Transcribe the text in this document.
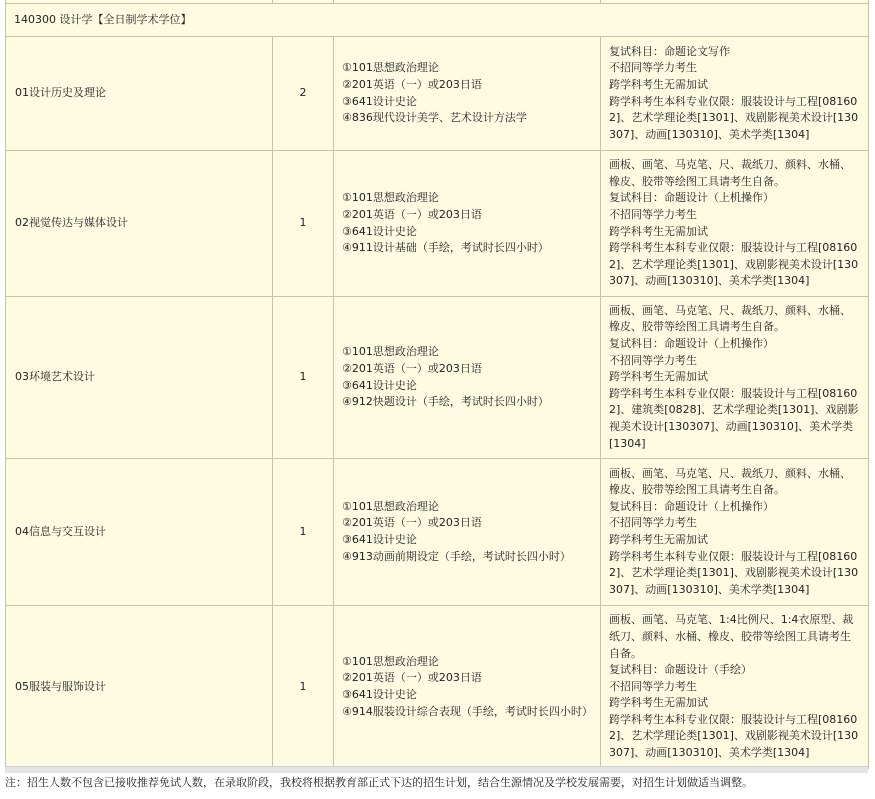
140300 设计学【全日制学术学位】			
01设计历史及理论	2	①101思想政治理论
②201英语（一）或203日语
③641设计史论
④836现代设计美学、艺术设计方法学	复试科目：命题论文写作
不招同等学力考生
跨学科考生无需加试
跨学科考生本科专业仅限：服装设计与工程[081602]、艺术学理论类[1301]、戏剧影视美术设计[130307]、动画[130310]、美术学类[1304]

02视觉传达与媒体设计	1	①101思想政治理论
②201英语（一）或203日语
③641设计史论
④911设计基础（手绘，考试时长四小时）	画板、画笔、马克笔、尺、裁纸刀、颜料、水桶、橡皮、胶带等绘图工具请考生自备。
复试科目：命题设计（上机操作）
不招同等学力考生
跨学科考生无需加试
跨学科考生本科专业仅限：服装设计与工程[081602]、艺术学理论类[1301]、戏剧影视美术设计[130307]、动画[130310]、美术学类[1304]

03环境艺术设计	1	①101思想政治理论
②201英语（一）或203日语
③641设计史论
④912快题设计（手绘，考试时长四小时）	画板、画笔、马克笔、尺、裁纸刀、颜料、水桶、橡皮、胶带等绘图工具请考生自备。
复试科目：命题设计（上机操作）
不招同等学力考生
跨学科考生无需加试
跨学科考生本科专业仅限：服装设计与工程[081602]、建筑类[0828]、艺术学理论类[1301]、戏剧影视美术设计[130307]、动画[130310]、美术学类[1304]

04信息与交互设计	1	①101思想政治理论
②201英语（一）或203日语
③641设计史论
④913动画前期设定（手绘，考试时长四小时）	画板、画笔、马克笔、尺、裁纸刀、颜料、水桶、橡皮、胶带等绘图工具请考生自备。
复试科目：命题设计（上机操作）
不招同等学力考生
跨学科考生无需加试
跨学科考生本科专业仅限：服装设计与工程[081602]、艺术学理论类[1301]、戏剧影视美术设计[130307]、动画[130310]、美术学类[1304]

05服装与服饰设计	1	①101思想政治理论
②201英语（一）或203日语
③641设计史论
④914服装设计综合表现（手绘，考试时长四小时）	画板、画笔、马克笔、1:4比例尺、1:4衣原型、裁纸刀、颜料、水桶、橡皮、胶带等绘图工具请考生自备。
复试科目：命题设计（手绘）
不招同等学力考生
跨学科考生无需加试
跨学科考生本科专业仅限：服装设计与工程[081602]、艺术学理论类[1301]、戏剧影视美术设计[130307]、动画[130310]、美术学类[1304]
注：招生人数不包含已接收推荐免试人数，在录取阶段，我校将根据教育部正式下达的招生计划，结合生源情况及学校发展需要，对招生计划做适当调整。
